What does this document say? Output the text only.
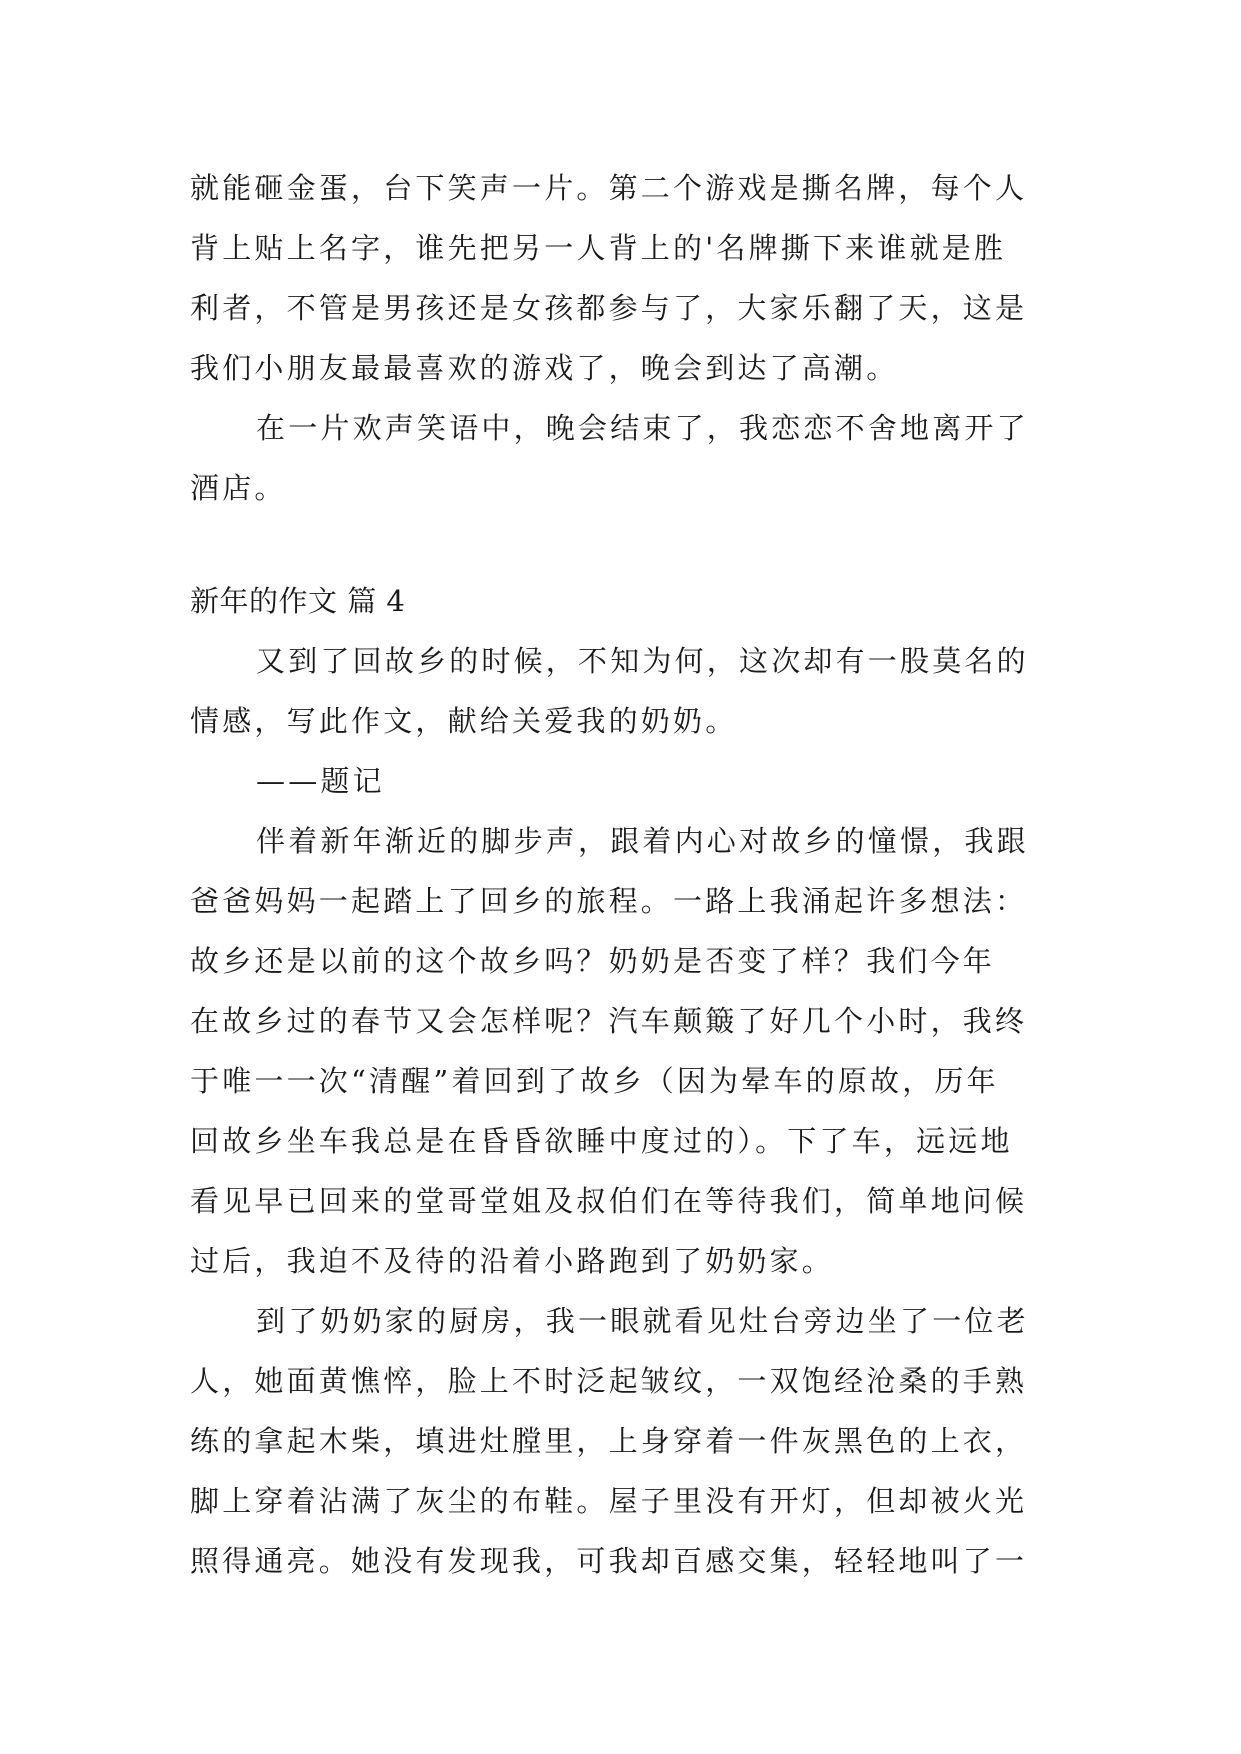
就能砸金蛋，台下笑声一片。第二个游戏是撕名牌，每个人
背上贴上名字，谁先把另一人背上的'名牌撕下来谁就是胜
利者，不管是男孩还是女孩都参与了，大家乐翻了天，这是
我们小朋友最最喜欢的游戏了，晚会到达了高潮。
在一片欢声笑语中，晚会结束了，我恋恋不舍地离开了
酒店。
新年的作文 篇 4
又到了回故乡的时候，不知为何，这次却有一股莫名的
情感，写此作文，献给关爱我的奶奶。
——题记
伴着新年渐近的脚步声，跟着内心对故乡的憧憬，我跟
爸爸妈妈一起踏上了回乡的旅程。一路上我涌起许多想法：
故乡还是以前的这个故乡吗？奶奶是否变了样？我们今年
在故乡过的春节又会怎样呢？汽车颠簸了好几个小时，我终
于唯一一次“清醒”着回到了故乡（因为晕车的原故，历年
回故乡坐车我总是在昏昏欲睡中度过的）。下了车，远远地
看见早已回来的堂哥堂姐及叔伯们在等待我们，简单地问候
过后，我迫不及待的沿着小路跑到了奶奶家。
到了奶奶家的厨房，我一眼就看见灶台旁边坐了一位老
人，她面黄憔悴，脸上不时泛起皱纹，一双饱经沧桑的手熟
练的拿起木柴，填进灶膛里，上身穿着一件灰黑色的上衣，
脚上穿着沾满了灰尘的布鞋。屋子里没有开灯，但却被火光
照得通亮。她没有发现我，可我却百感交集，轻轻地叫了一
